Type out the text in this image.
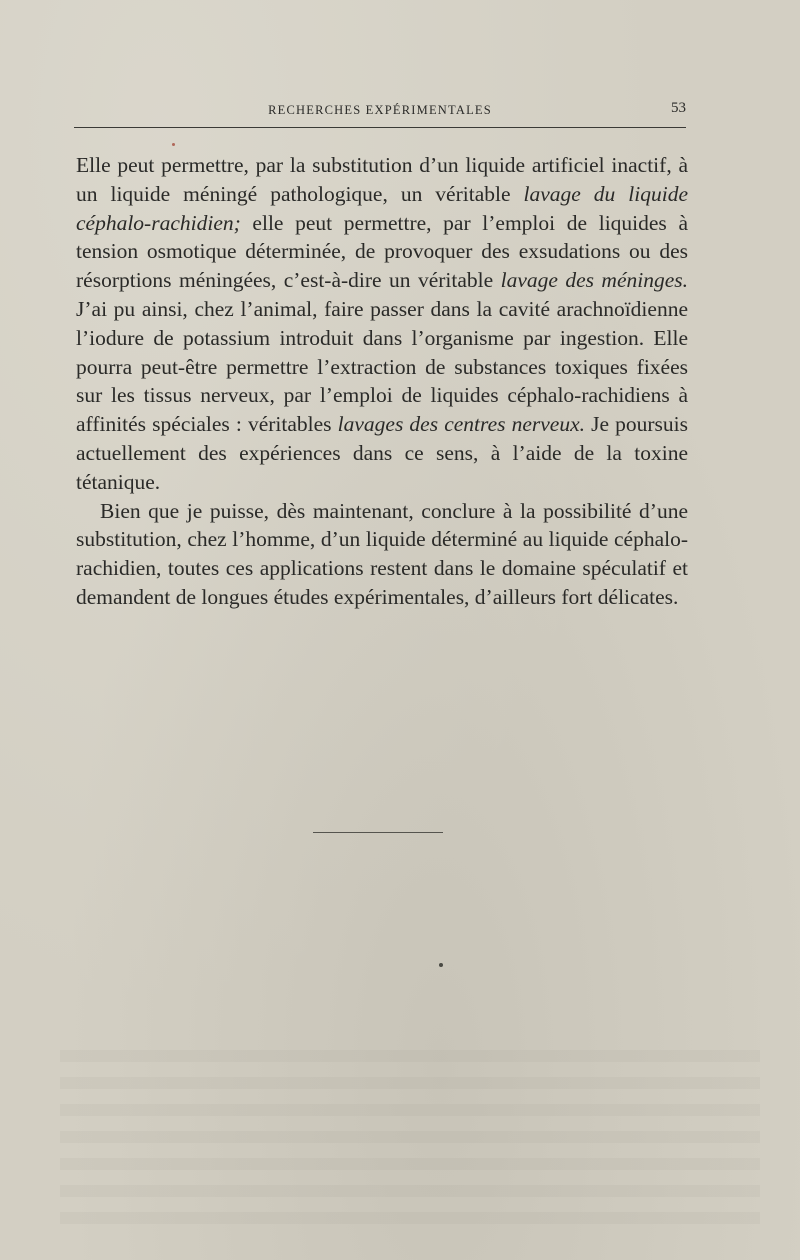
RECHERCHES EXPÉRIMENTALES	53

Elle peut permettre, par la substitution d’un liquide artificiel inactif, à un liquide méningé pathologique, un véritable lavage du liquide céphalo-rachidien; elle peut permettre, par l’emploi de liquides à tension osmotique déterminée, de provoquer des exsudations ou des résorptions méningées, c’est-à-dire un véritable lavage des méninges. J’ai pu ainsi, chez l’animal, faire passer dans la cavité arachnoïdienne l’iodure de potassium introduit dans l’organisme par ingestion. Elle pourra peut-être permettre l’extraction de substances toxiques fixées sur les tissus nerveux, par l’emploi de liquides céphalo-rachidiens à affinités spéciales : véritables lavages des centres nerveux. Je poursuis actuellement des expériences dans ce sens, à l’aide de la toxine tétanique.

Bien que je puisse, dès maintenant, conclure à la possibilité d’une substitution, chez l’homme, d’un liquide déterminé au liquide céphalo-rachidien, toutes ces applications restent dans le domaine spéculatif et demandent de longues études expérimentales, d’ailleurs fort délicates.
